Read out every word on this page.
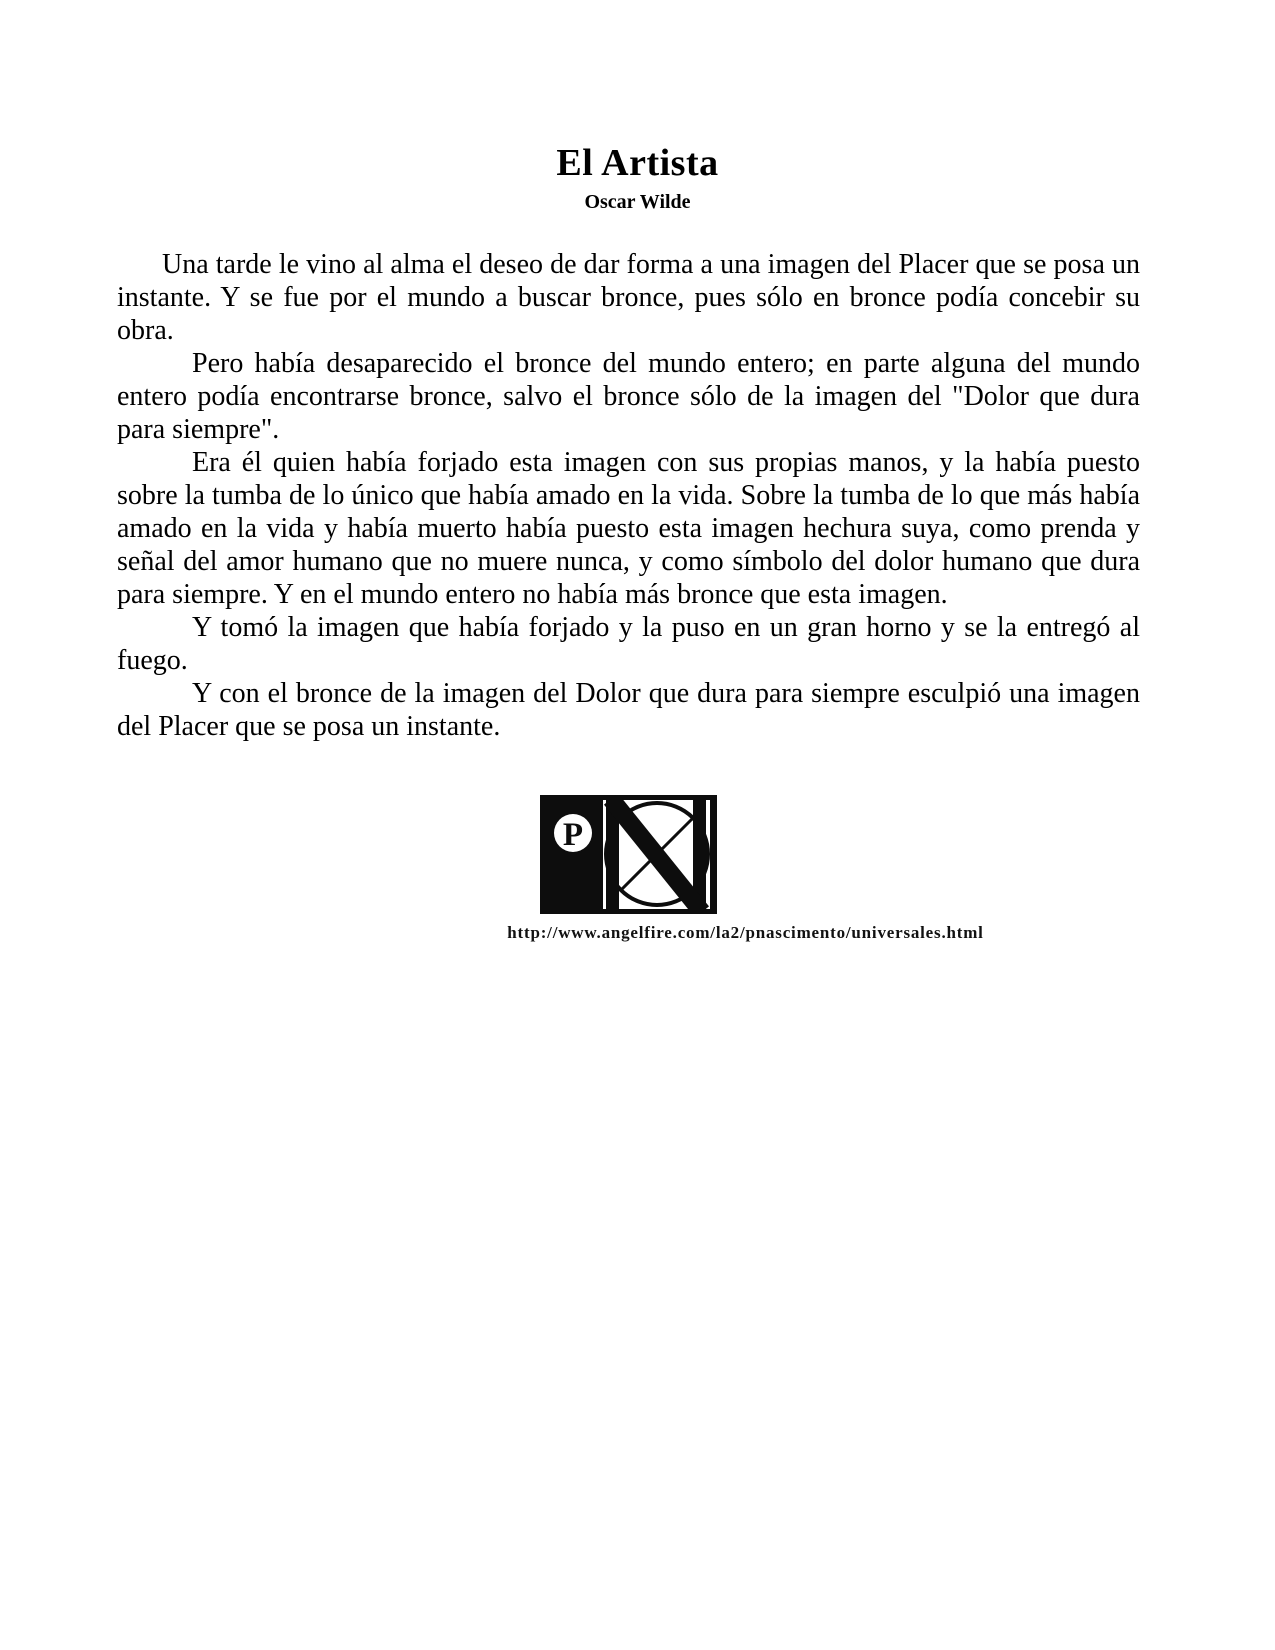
El Artista
Oscar Wilde

Una tarde le vino al alma el deseo de dar forma a una imagen del Placer que se posa un instante. Y se fue por el mundo a buscar bronce, pues sólo en bronce podía concebir su obra.

Pero había desaparecido el bronce del mundo entero; en parte alguna del mundo entero podía encontrarse bronce, salvo el bronce sólo de la imagen del "Dolor que dura para siempre".

Era él quien había forjado esta imagen con sus propias manos, y la había puesto sobre la tumba de lo único que había amado en la vida. Sobre la tumba de lo que más había amado en la vida y había muerto había puesto esta imagen hechura suya, como prenda y señal del amor humano que no muere nunca, y como símbolo del dolor humano que dura para siempre. Y en el mundo entero no había más bronce que esta imagen.

Y tomó la imagen que había forjado y la puso en un gran horno y se la entregó al fuego.

Y con el bronce de la imagen del Dolor que dura para siempre esculpió una imagen del Placer que se posa un instante.

P
http://www.angelfire.com/la2/pnascimento/universales.html
